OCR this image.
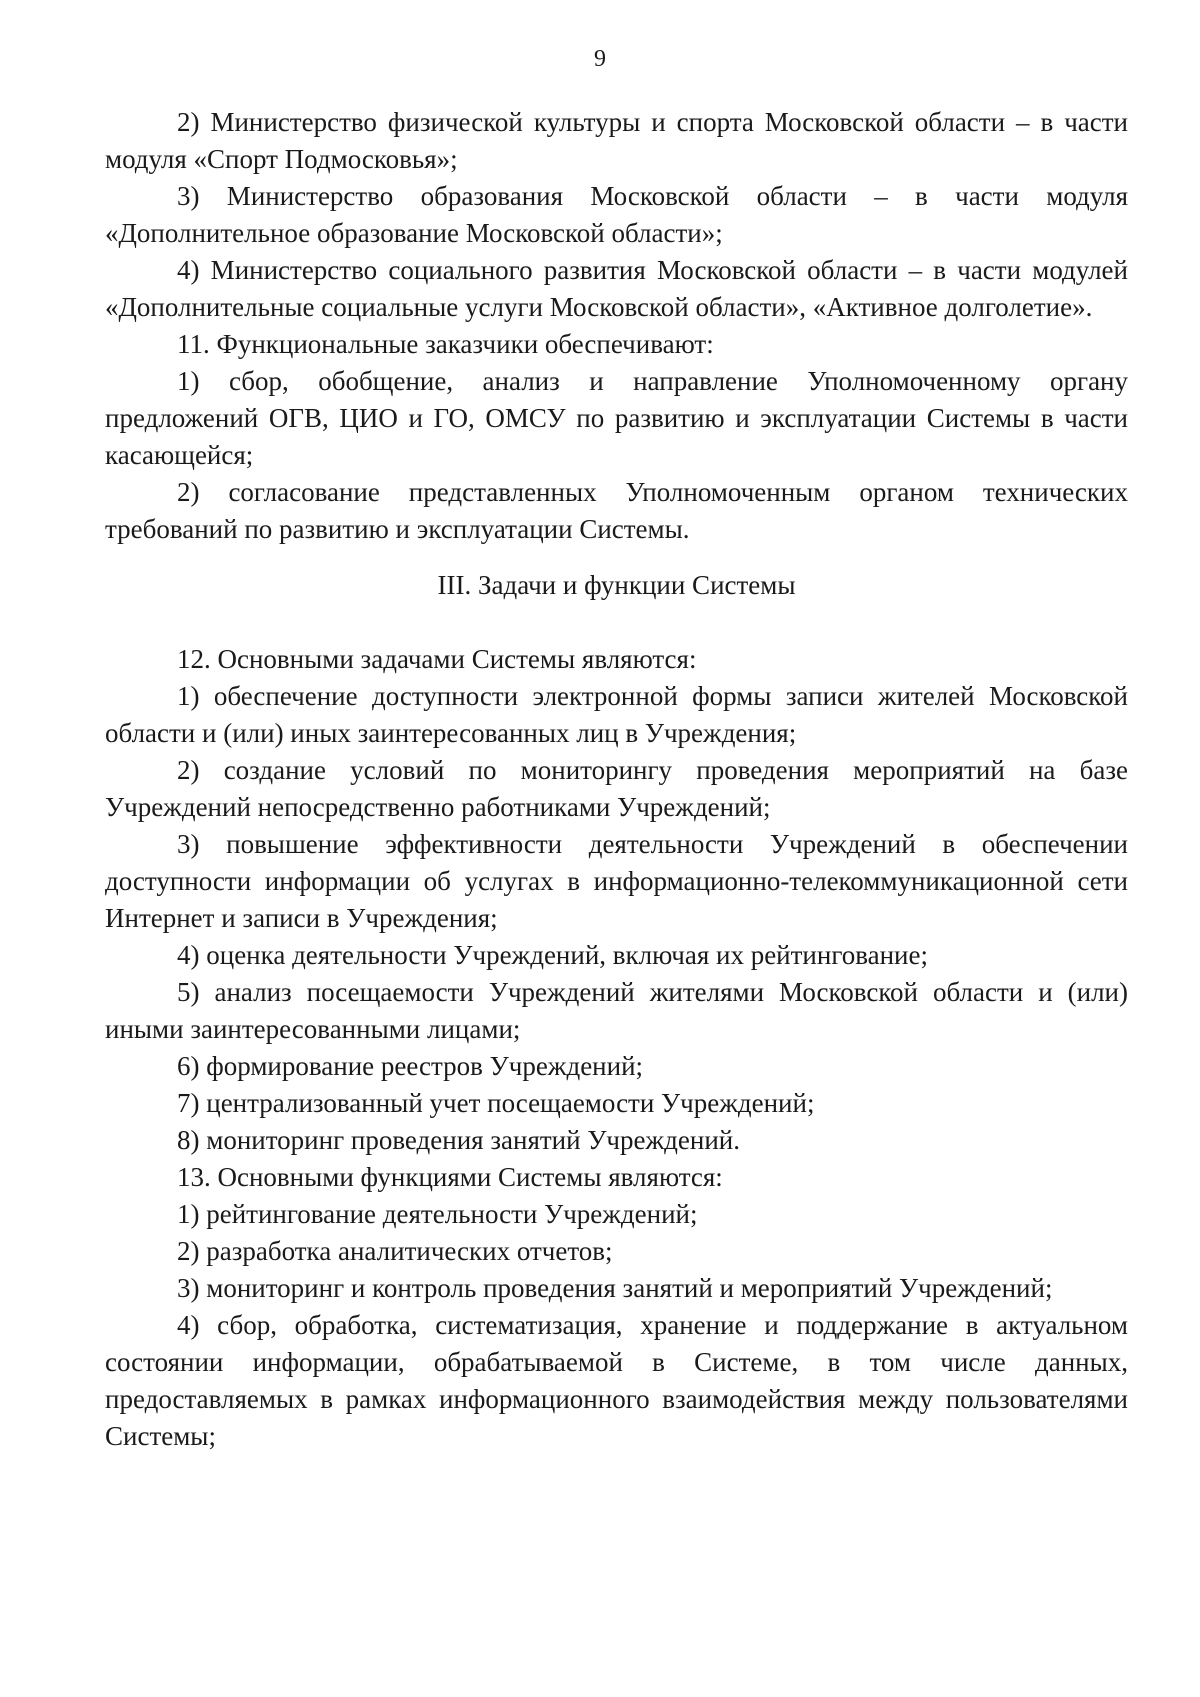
9

2) Министерство физической культуры и спорта Московской области – в части модуля «Спорт Подмосковья»;

3) Министерство образования Московской области – в части модуля «Дополнительное образование Московской области»;

4) Министерство социального развития Московской области – в части модулей «Дополнительные социальные услуги Московской области», «Активное долголетие».

11. Функциональные заказчики обеспечивают:

1) сбор, обобщение, анализ и направление Уполномоченному органу предложений ОГВ, ЦИО и ГО, ОМСУ по развитию и эксплуатации Системы в части касающейся;

2) согласование представленных Уполномоченным органом технических требований по развитию и эксплуатации Системы.

III. Задачи и функции Системы

12. Основными задачами Системы являются:

1) обеспечение доступности электронной формы записи жителей Московской области и (или) иных заинтересованных лиц в Учреждения;

2) создание условий по мониторингу проведения мероприятий на базе Учреждений непосредственно работниками Учреждений;

3) повышение эффективности деятельности Учреждений в обеспечении доступности информации об услугах в информационно-телекоммуникационной сети Интернет и записи в Учреждения;

4) оценка деятельности Учреждений, включая их рейтингование;

5) анализ посещаемости Учреждений жителями Московской области и (или) иными заинтересованными лицами;

6) формирование реестров Учреждений;

7) централизованный учет посещаемости Учреждений;

8) мониторинг проведения занятий Учреждений.

13. Основными функциями Системы являются:

1) рейтингование деятельности Учреждений;

2) разработка аналитических отчетов;

3) мониторинг и контроль проведения занятий и мероприятий Учреждений;

4) сбор, обработка, систематизация, хранение и поддержание в актуальном состоянии информации, обрабатываемой в Системе, в том числе данных, предоставляемых в рамках информационного взаимодействия между пользователями Системы;
